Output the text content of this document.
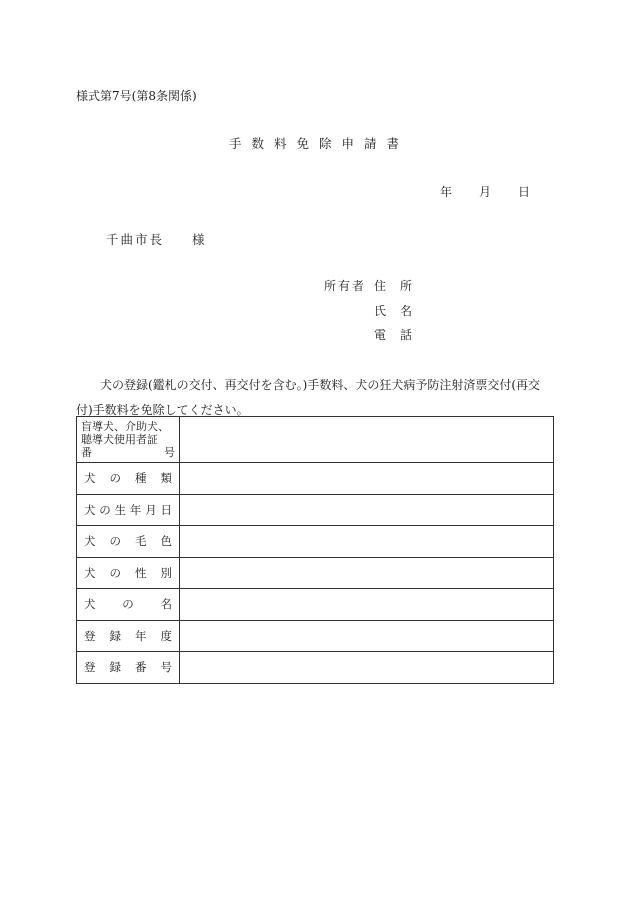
様式第7号(第8条関係)
手数料免除申請書
年 月 日
千曲市長 様
所有者 住所
氏名
電話
犬の登録(鑑札の交付、再交付を含む。)手数料、犬の狂犬病予防注射済票交付(再交付)手数料を免除してください。
盲導犬、介助犬、
聴導犬使用者証
番号	

犬の種類	

犬の生年月日	

犬の毛色	

犬の性別	

犬の名	

登録年度	

登録番号	
